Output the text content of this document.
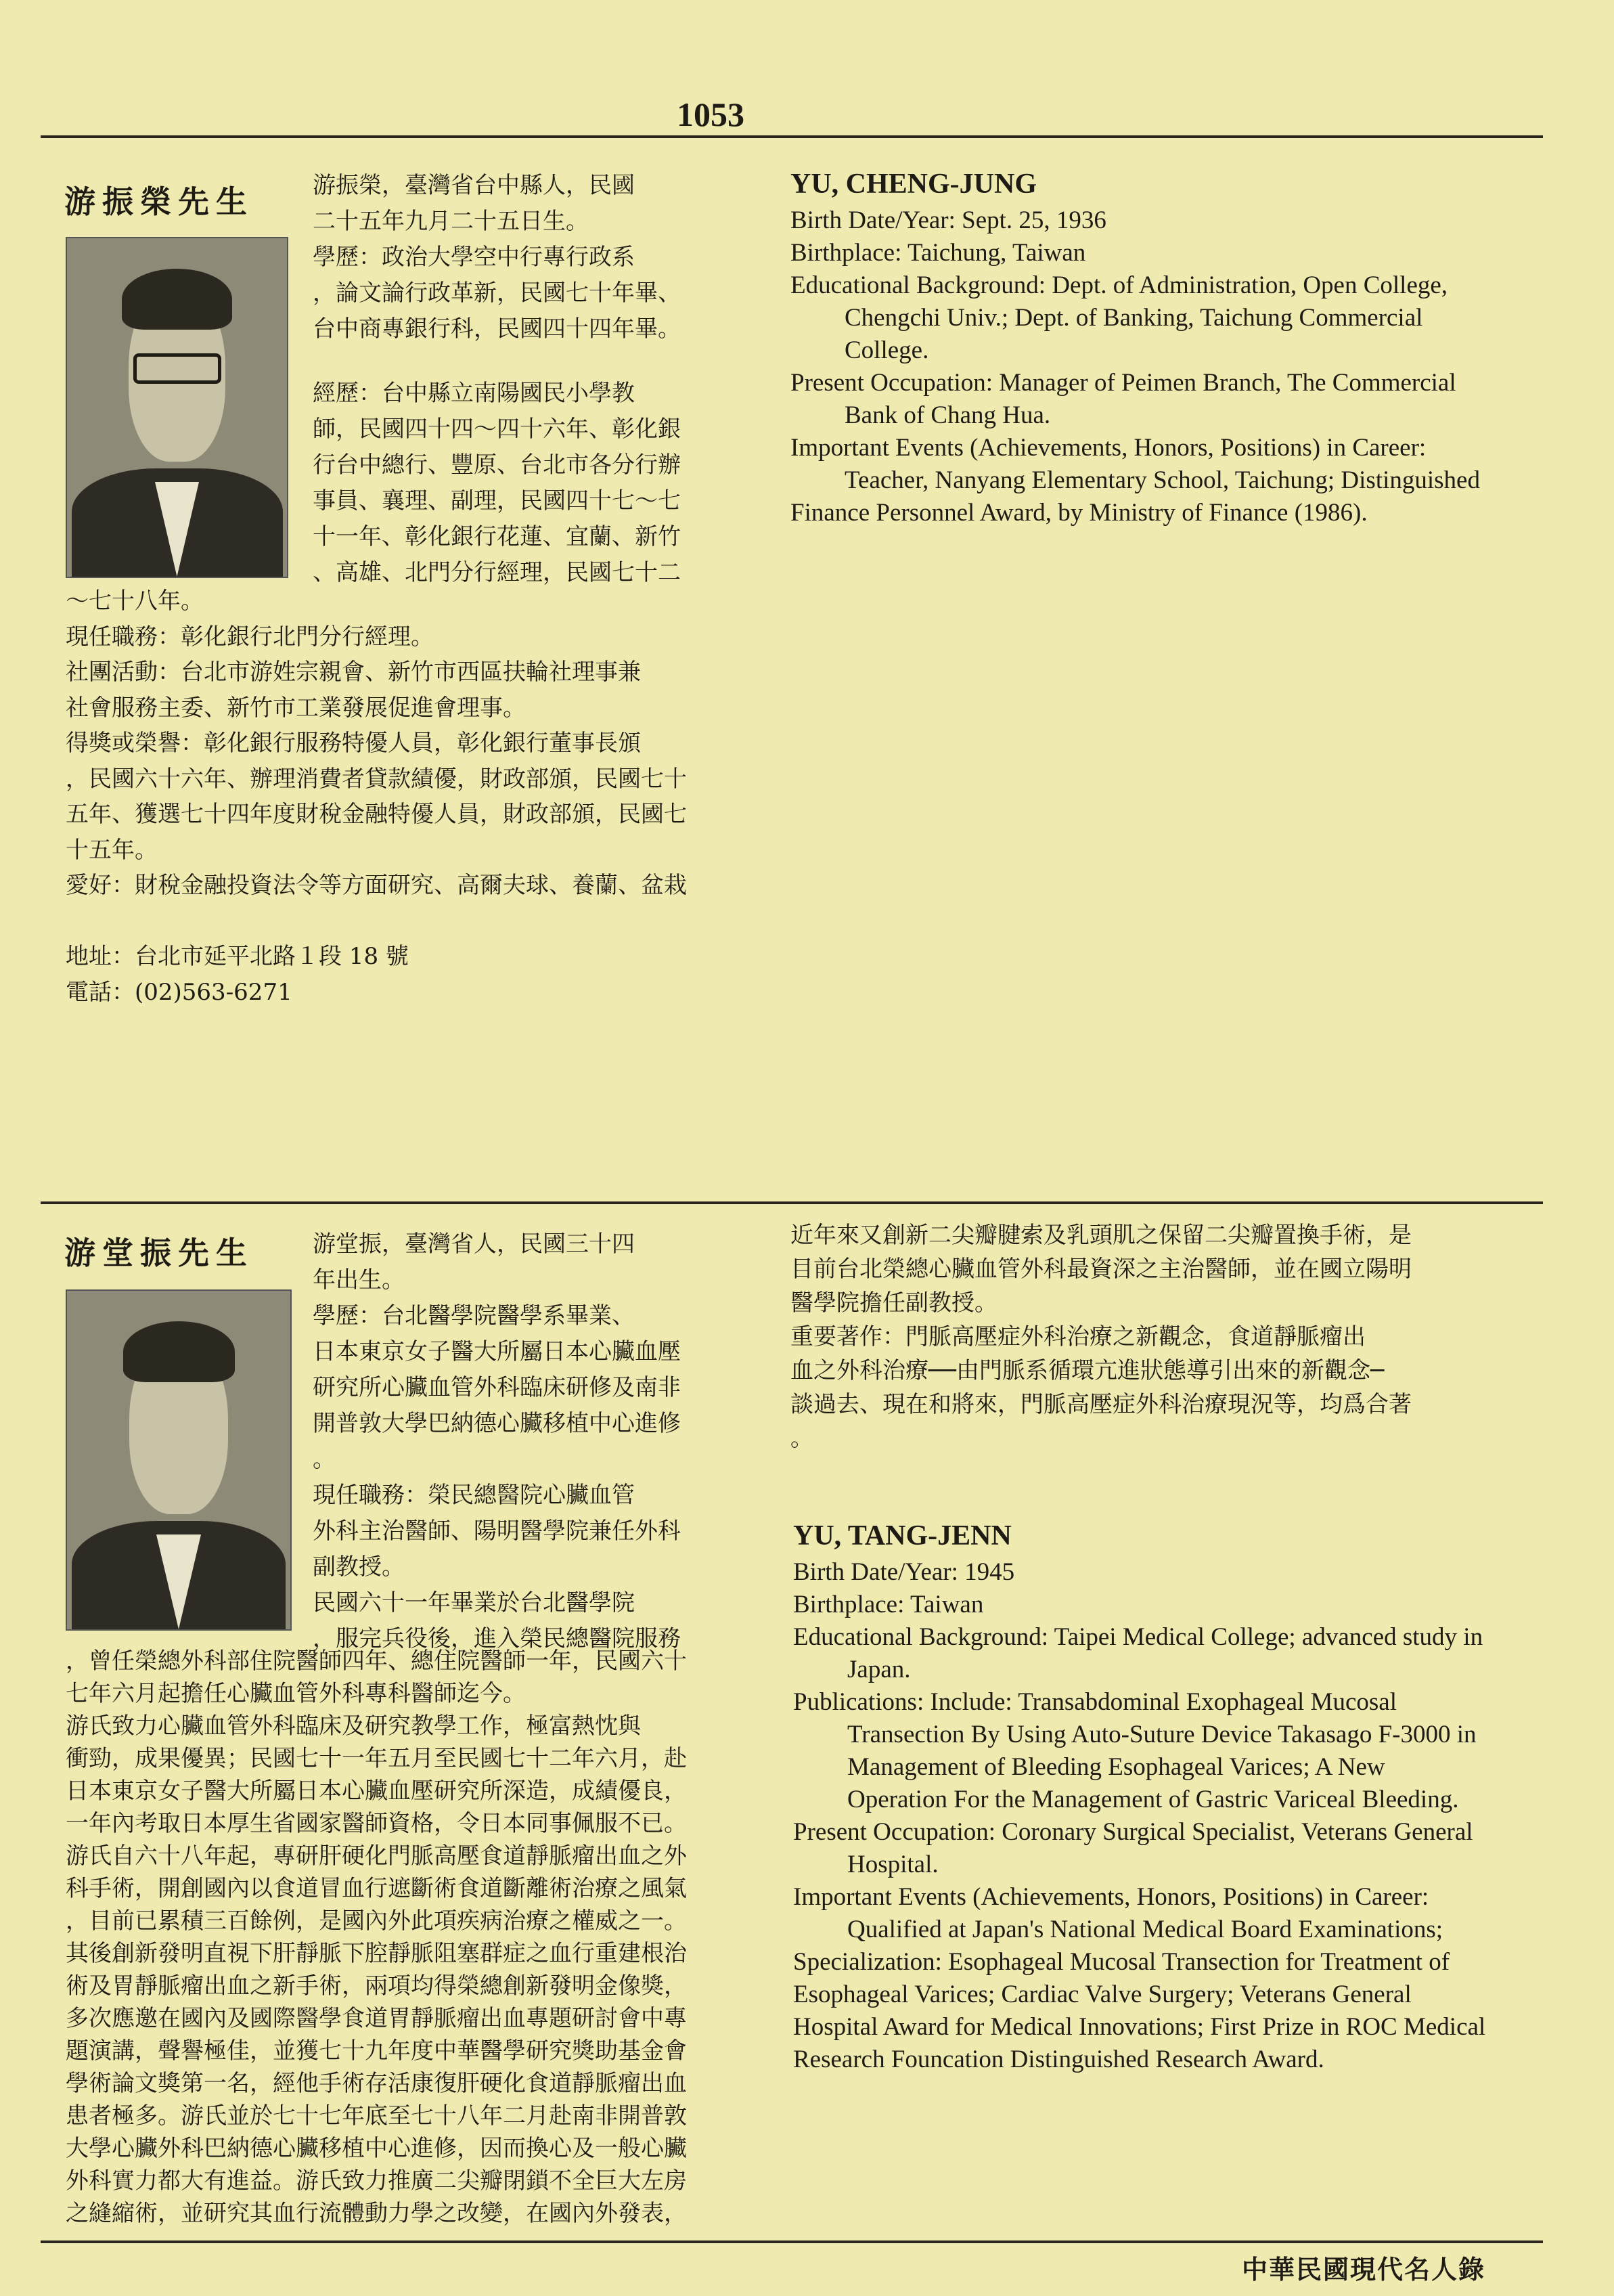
1053
游振榮先生	游振榮，臺灣省台中縣人，民國
二十五年九月二十五日生。
學歷：政治大學空中行專行政系
，論文論行政革新，民國七十年畢、
台中商專銀行科，民國四十四年畢。
經歷：台中縣立南陽國民小學教
師，民國四十四～四十六年、彰化銀
行台中總行、豐原、台北市各分行辦
事員、襄理、副理，民國四十七～七
十一年、彰化銀行花蓮、宜蘭、新竹
、高雄、北門分行經理，民國七十二
～七十八年。
現任職務：彰化銀行北門分行經理。
社團活動：台北市游姓宗親會、新竹市西區扶輪社理事兼
社會服務主委、新竹市工業發展促進會理事。
得獎或榮譽：彰化銀行服務特優人員，彰化銀行董事長頒
，民國六十六年、辦理消費者貸款績優，財政部頒，民國七十
五年、獲選七十四年度財稅金融特優人員，財政部頒，民國七
十五年。
愛好：財稅金融投資法令等方面研究、高爾夫球、養蘭、盆栽

地址：台北市延平北路１段 18 號
電話：(02)563-6271
YU, CHENG-JUNG

Birth Date/Year: Sept. 25, 1936

Birthplace: Taichung, Taiwan

Educational Background: Dept. of Administration, Open College, Chengchi Univ.; Dept. of Banking, Taichung Commercial College.

Present Occupation: Manager of Peimen Branch, The Commercial Bank of Chang Hua.

Important Events (Achievements, Honors, Positions) in Career:

Teacher, Nanyang Elementary School, Taichung; Distinguished Finance Personnel Award, by Ministry of Finance (1986).

游堂振先生	游堂振，臺灣省人，民國三十四
年出生。
學歷：台北醫學院醫學系畢業、
日本東京女子醫大所屬日本心臟血壓
研究所心臟血管外科臨床研修及南非
開普敦大學巴納德心臟移植中心進修
。
現任職務：榮民總醫院心臟血管
外科主治醫師、陽明醫學院兼任外科
副教授。
民國六十一年畢業於台北醫學院
，服完兵役後，進入榮民總醫院服務
，曾任榮總外科部住院醫師四年、總住院醫師一年，民國六十
七年六月起擔任心臟血管外科專科醫師迄今。
游氏致力心臟血管外科臨床及研究教學工作，極富熱忱與
衝勁，成果優異；民國七十一年五月至民國七十二年六月，赴
日本東京女子醫大所屬日本心臟血壓研究所深造，成績優良，
一年內考取日本厚生省國家醫師資格，令日本同事佩服不已。
游氏自六十八年起，專研肝硬化門脈高壓食道靜脈瘤出血之外
科手術，開創國內以食道冒血行遮斷術食道斷離術治療之風氣
，目前已累積三百餘例，是國內外此項疾病治療之權威之一。
其後創新發明直視下肝靜脈下腔靜脈阻塞群症之血行重建根治
術及胃靜脈瘤出血之新手術，兩項均得榮總創新發明金像獎，
多次應邀在國內及國際醫學食道胃靜脈瘤出血專題研討會中專
題演講，聲譽極佳，並獲七十九年度中華醫學研究獎助基金會
學術論文獎第一名，經他手術存活康復肝硬化食道靜脈瘤出血
患者極多。游氏並於七十七年底至七十八年二月赴南非開普敦
大學心臟外科巴納德心臟移植中心進修，因而換心及一般心臟
外科實力都大有進益。游氏致力推廣二尖瓣閉鎖不全巨大左房
之縫縮術，並研究其血行流體動力學之改變，在國內外發表，
近年來又創新二尖瓣腱索及乳頭肌之保留二尖瓣置換手術，是
目前台北榮總心臟血管外科最資深之主治醫師，並在國立陽明
醫學院擔任副教授。
重要著作：門脈高壓症外科治療之新觀念，食道靜脈瘤出
血之外科治療──由門脈系循環亢進狀態導引出來的新觀念─
談過去、現在和將來，門脈高壓症外科治療現況等，均爲合著
。
YU, TANG-JENN

Birth Date/Year: 1945

Birthplace: Taiwan

Educational Background: Taipei Medical College; advanced study in Japan.

Publications: Include: Transabdominal Exophageal Mucosal Transection By Using Auto-Suture Device Takasago F-3000 in Management of Bleeding Esophageal Varices; A New Operation For the Management of Gastric Variceal Bleeding.

Present Occupation: Coronary Surgical Specialist, Veterans General Hospital.

Important Events (Achievements, Honors, Positions) in Career:

Qualified at Japan's National Medical Board Examinations; Specialization: Esophageal Mucosal Transection for Treatment of Esophageal Varices; Cardiac Valve Surgery; Veterans General Hospital Award for Medical Innovations; First Prize in ROC Medical Research Founcation Distinguished Research Award.

中華民國現代名人錄
